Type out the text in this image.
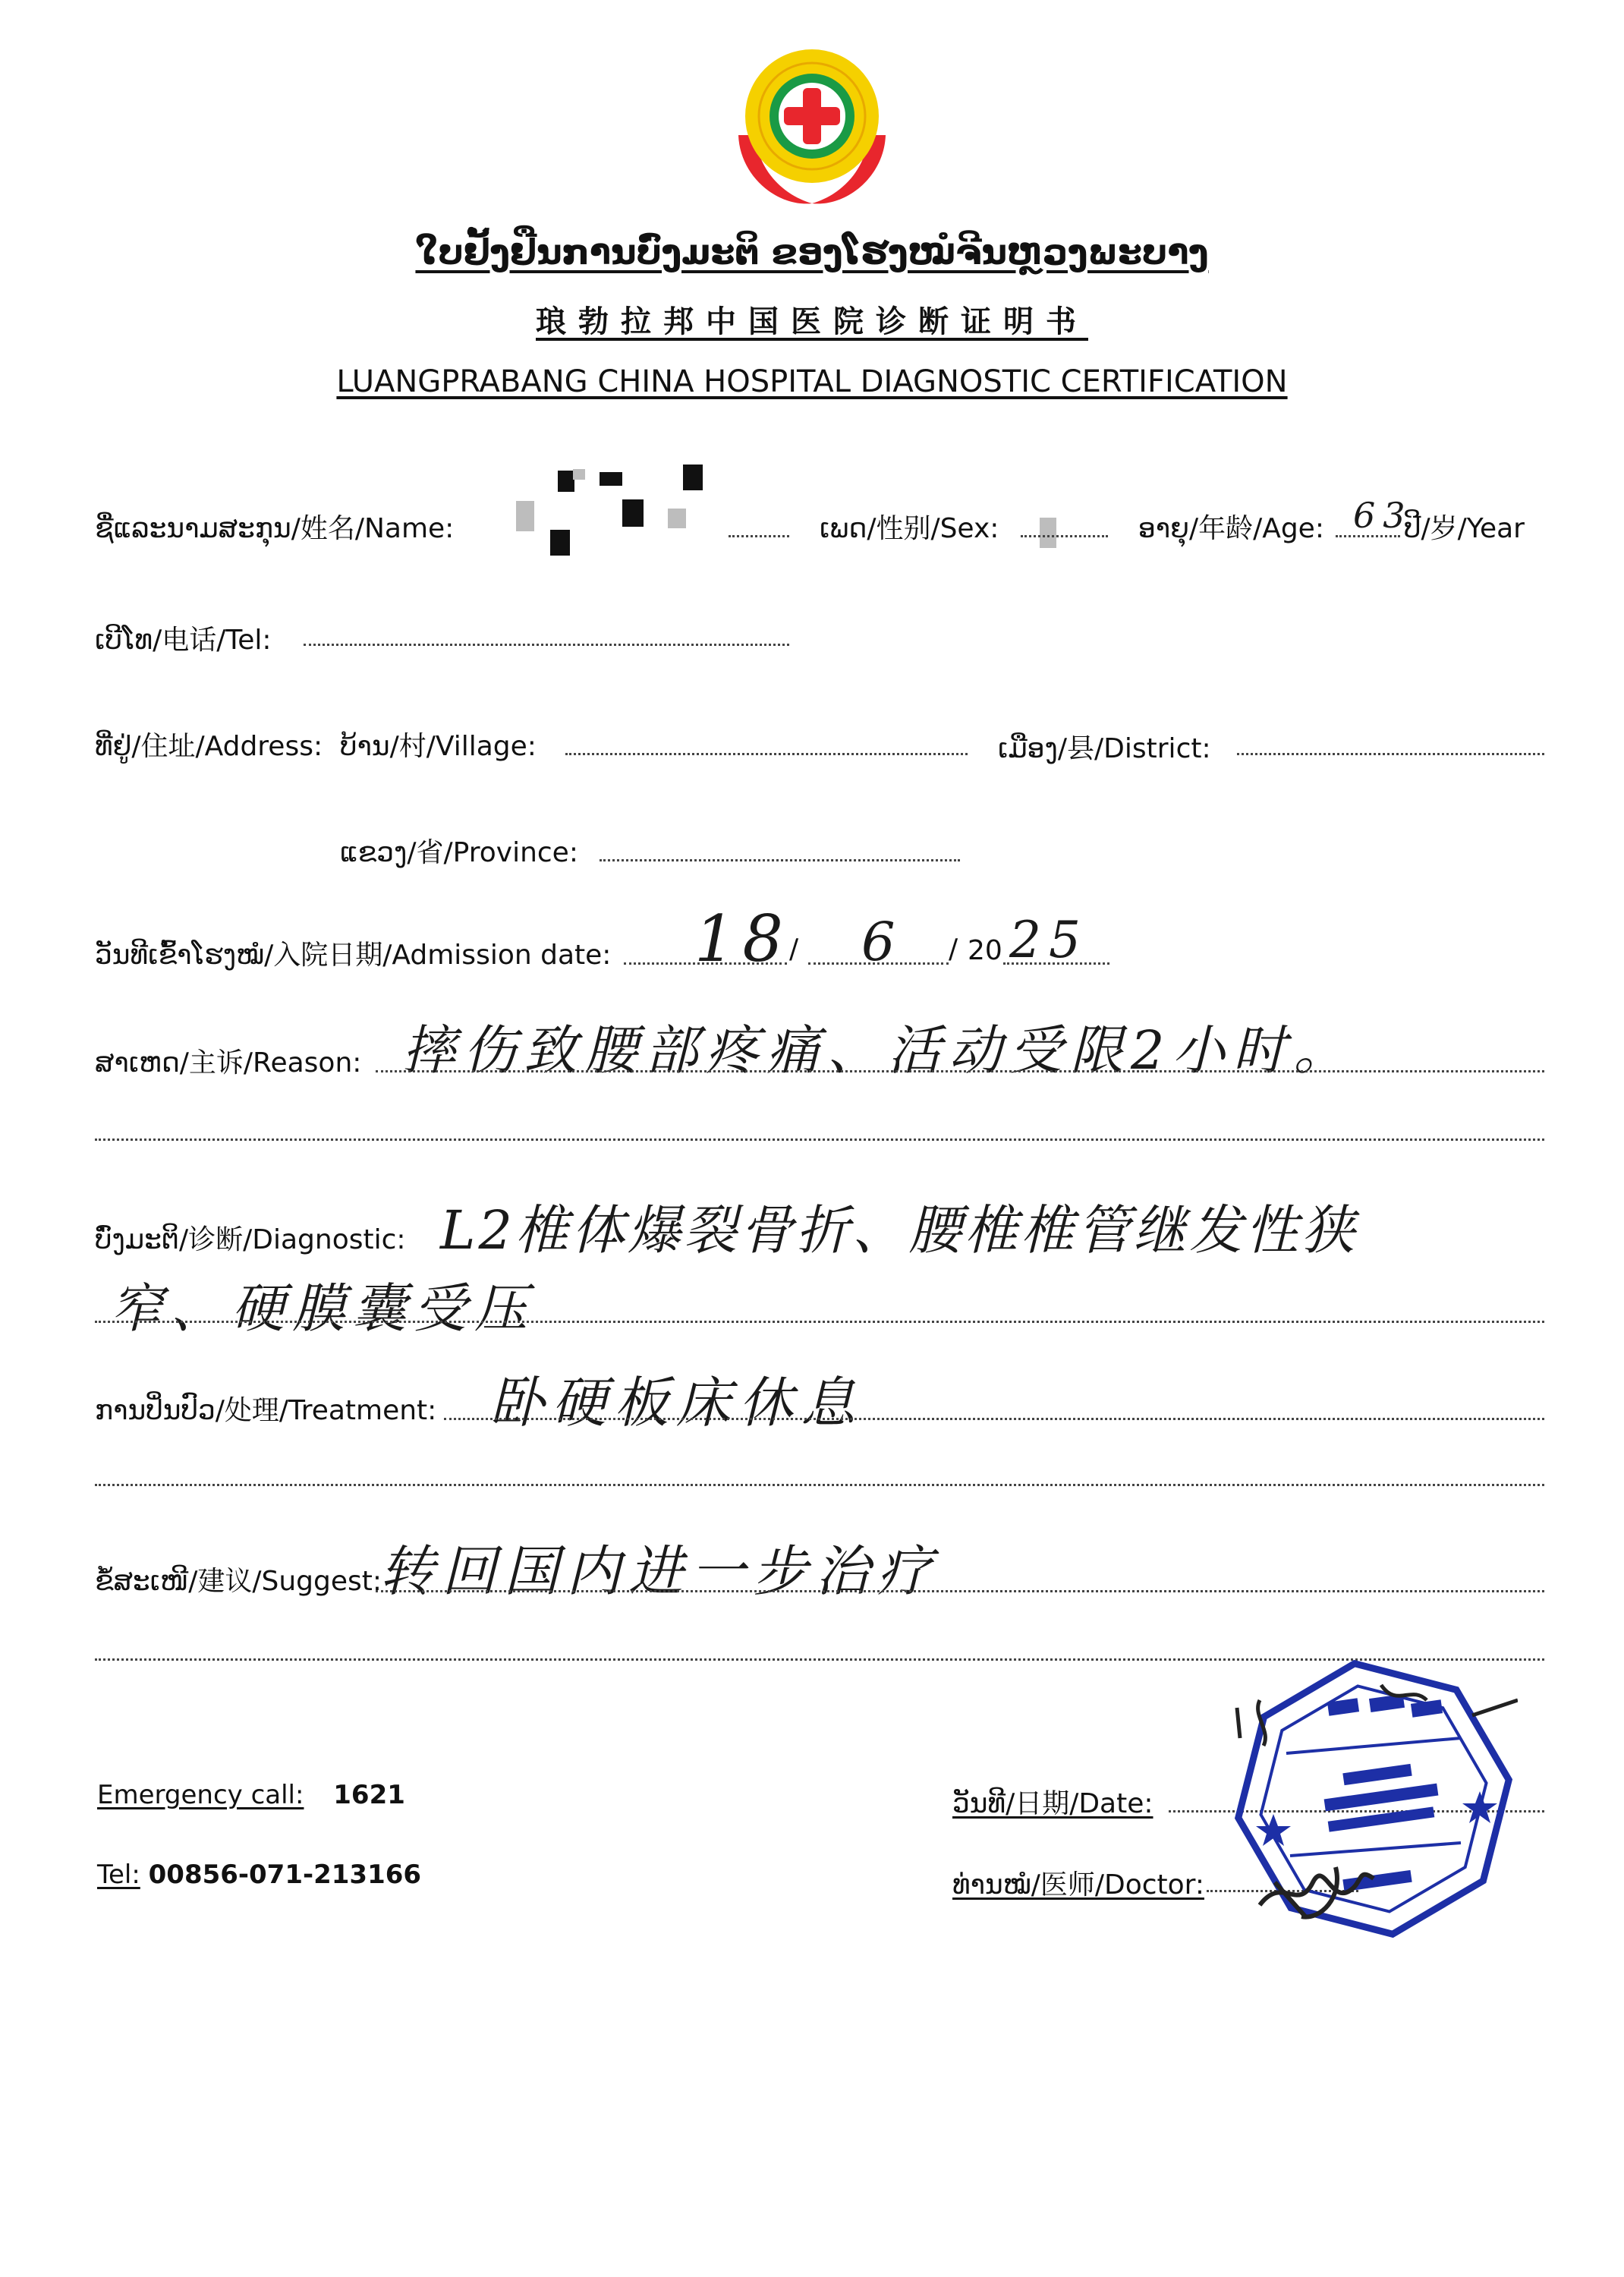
ໃບຢັ້ງຢືນການບົ່ງມະຕິ ຂອງໂຮງໝໍຈີນຫຼວງພະບາງ
琅勃拉邦中国医院诊断证明书
LUANGPRABANG CHINA HOSPITAL DIAGNOSTIC CERTIFICATION
ຊື່ແລະນາມສະກຸນ/姓名/Name:	ເພດ/性别/Sex:	ອາຍຸ/年龄/Age: 63
ປີ/岁/Year
ເບີໂທ/电话/Tel:
ທີ່ຢູ່/住址/Address: ບ້ານ/村/Village:	ເມືອງ/县/District:
ແຂວງ/省/Province:
ວັນທີເຂົ້າໂຮງໝໍ/入院日期/Admission date: 18
/ 6 / 20 25
ສາເຫດ/主诉/Reason: 摔伤致腰部疼痛、活动受限2小时。
ບົ່ງມະຕິ/诊断/Diagnostic: L2椎体爆裂骨折、腰椎椎管继发性狭
窄、硬膜囊受压
ການປິ່ນປົວ/处理/Treatment: 卧硬板床休息
ຂໍ້ສະເໜີ/建议/Suggest:
转回国内进一步治疗
Emergency call: 1621
Tel: 00856-071-213166
ວັນທີ/日期/Date:
ທ່ານໝໍ/医师/Doctor:
